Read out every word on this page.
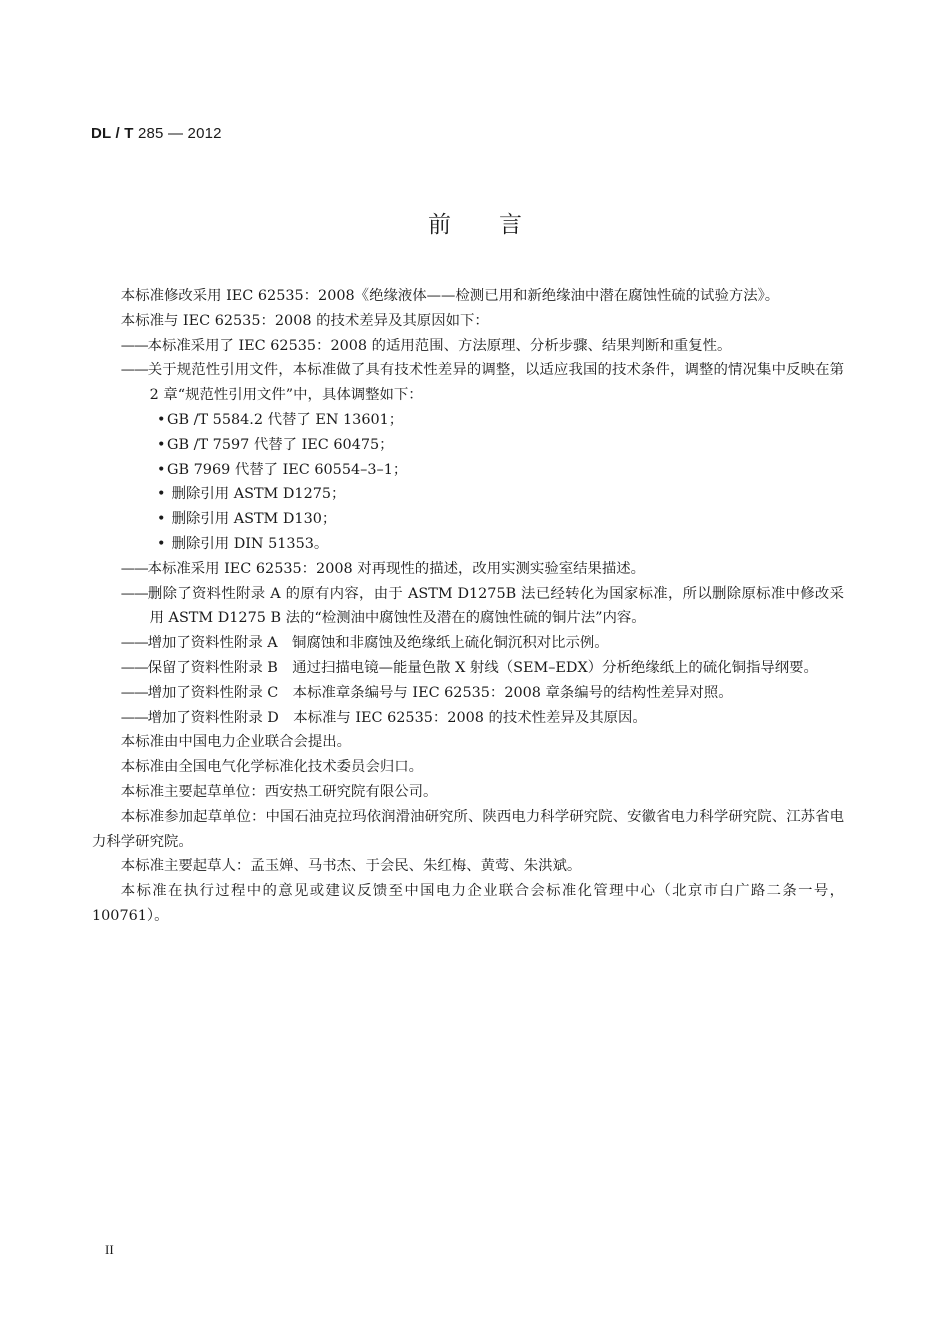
DL / T 285 — 2012
前言

本标准修改采用 IEC 62535：2008《绝缘液体——检测已用和新绝缘油中潜在腐蚀性硫的试验方法》。

本标准与 IEC 62535：2008 的技术差异及其原因如下：

——本标准采用了 IEC 62535：2008 的适用范围、方法原理、分析步骤、结果判断和重复性。

——关于规范性引用文件，本标准做了具有技术性差异的调整，以适应我国的技术条件，调整的情况集中反映在第 2 章“规范性引用文件”中，具体调整如下：

• GB /T 5584.2 代替了 EN 13601；

• GB /T 7597 代替了 IEC 60475；

• GB 7969 代替了 IEC 60554–3–1；

• 删除引用 ASTM D1275；

• 删除引用 ASTM D130；

• 删除引用 DIN 51353。

——本标准采用 IEC 62535：2008 对再现性的描述，改用实测实验室结果描述。

——删除了资料性附录 A 的原有内容，由于 ASTM D1275B 法已经转化为国家标准，所以删除原标准中修改采用 ASTM D1275 B 法的“检测油中腐蚀性及潜在的腐蚀性硫的铜片法”内容。

——增加了资料性附录 A　铜腐蚀和非腐蚀及绝缘纸上硫化铜沉积对比示例。

——保留了资料性附录 B　通过扫描电镜—能量色散 X 射线（SEM–EDX）分析绝缘纸上的硫化铜指导纲要。

——增加了资料性附录 C　本标准章条编号与 IEC 62535：2008 章条编号的结构性差异对照。

——增加了资料性附录 D　本标准与 IEC 62535：2008 的技术性差异及其原因。

本标准由中国电力企业联合会提出。

本标准由全国电气化学标准化技术委员会归口。

本标准主要起草单位：西安热工研究院有限公司。

本标准参加起草单位：中国石油克拉玛依润滑油研究所、陕西电力科学研究院、安徽省电力科学研究院、江苏省电力科学研究院。

本标准主要起草人：孟玉婵、马书杰、于会民、朱红梅、黄莺、朱洪斌。

本标准在执行过程中的意见或建议反馈至中国电力企业联合会标准化管理中心（北京市白广路二条一号，100761）。

II
